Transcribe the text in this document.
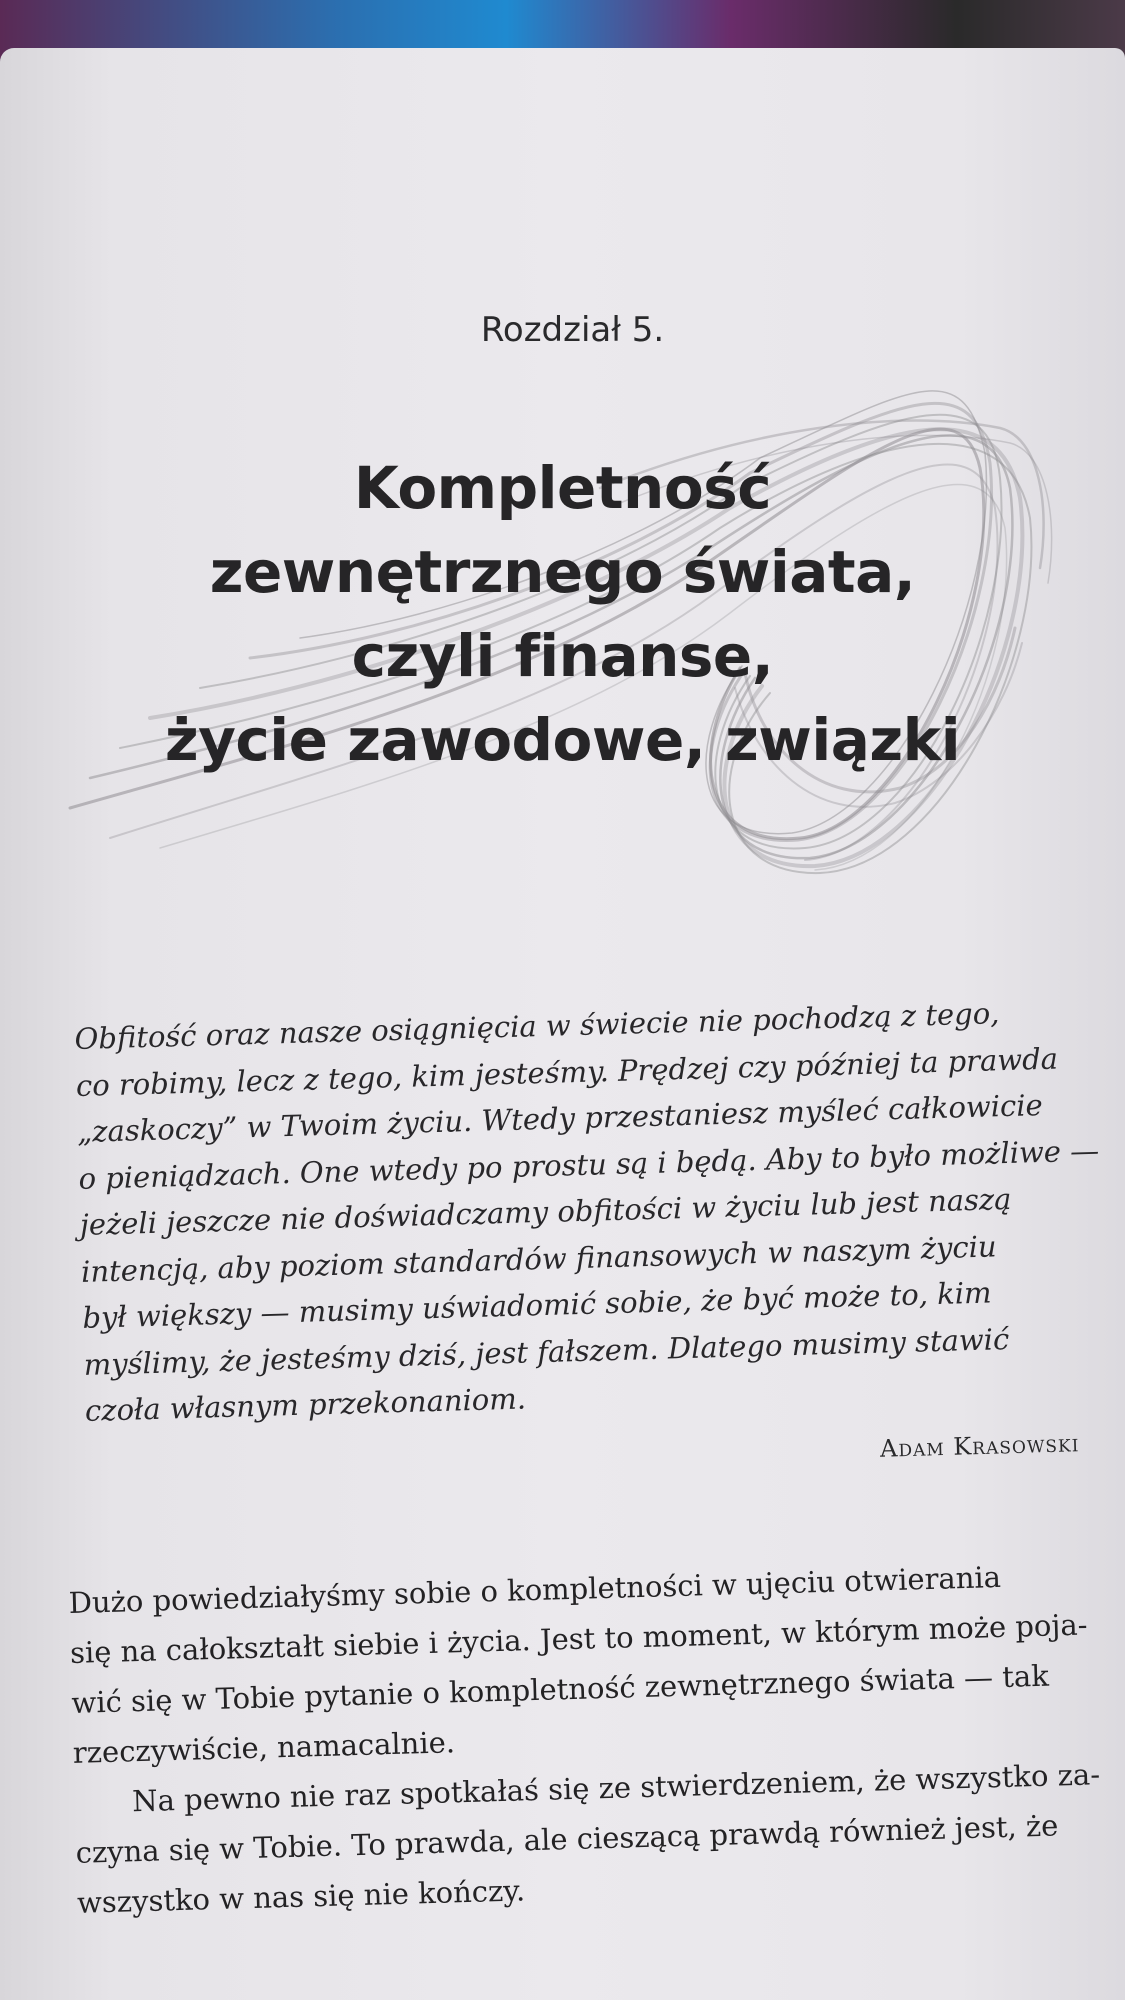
Rozdział 5.
Kompletność
zewnętrznego świata,
czyli finanse,
życie zawodowe, związki
Obfitość oraz nasze osiągnięcia w świecie nie pochodzą z tego,
co robimy, lecz z tego, kim jesteśmy. Prędzej czy później ta prawda
„zaskoczy” w Twoim życiu. Wtedy przestaniesz myśleć całkowicie
o pieniądzach. One wtedy po prostu są i będą. Aby to było możliwe —
jeżeli jeszcze nie doświadczamy obfitości w życiu lub jest naszą
intencją, aby poziom standardów finansowych w naszym życiu
był większy — musimy uświadomić sobie, że być może to, kim
myślimy, że jesteśmy dziś, jest fałszem. Dlatego musimy stawić
czoła własnym przekonaniom.
Adam Krasowski
Dużo powiedziałyśmy sobie o kompletności w ujęciu otwierania
się na całokształt siebie i życia. Jest to moment, w którym może poja-
wić się w Tobie pytanie o kompletność zewnętrznego świata — tak
rzeczywiście, namacalnie.
Na pewno nie raz spotkałaś się ze stwierdzeniem, że wszystko za-
czyna się w Tobie. To prawda, ale cieszącą prawdą również jest, że
wszystko w nas się nie kończy.
